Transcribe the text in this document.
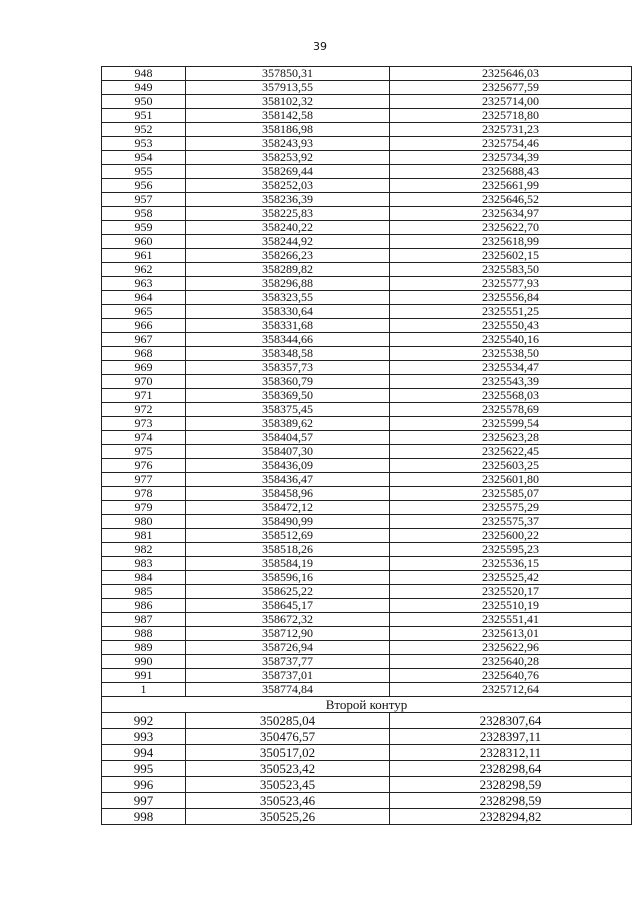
39
948	357850,31	2325646,03
949	357913,55	2325677,59
950	358102,32	2325714,00
951	358142,58	2325718,80
952	358186,98	2325731,23
953	358243,93	2325754,46
954	358253,92	2325734,39
955	358269,44	2325688,43
956	358252,03	2325661,99
957	358236,39	2325646,52
958	358225,83	2325634,97
959	358240,22	2325622,70
960	358244,92	2325618,99
961	358266,23	2325602,15
962	358289,82	2325583,50
963	358296,88	2325577,93
964	358323,55	2325556,84
965	358330,64	2325551,25
966	358331,68	2325550,43
967	358344,66	2325540,16
968	358348,58	2325538,50
969	358357,73	2325534,47
970	358360,79	2325543,39
971	358369,50	2325568,03
972	358375,45	2325578,69
973	358389,62	2325599,54
974	358404,57	2325623,28
975	358407,30	2325622,45
976	358436,09	2325603,25
977	358436,47	2325601,80
978	358458,96	2325585,07
979	358472,12	2325575,29
980	358490,99	2325575,37
981	358512,69	2325600,22
982	358518,26	2325595,23
983	358584,19	2325536,15
984	358596,16	2325525,42
985	358625,22	2325520,17
986	358645,17	2325510,19
987	358672,32	2325551,41
988	358712,90	2325613,01
989	358726,94	2325622,96
990	358737,77	2325640,28
991	358737,01	2325640,76
1	358774,84	2325712,64
Второй контур		
992	350285,04	2328307,64
993	350476,57	2328397,11
994	350517,02	2328312,11
995	350523,42	2328298,64
996	350523,45	2328298,59
997	350523,46	2328298,59
998	350525,26	2328294,82
